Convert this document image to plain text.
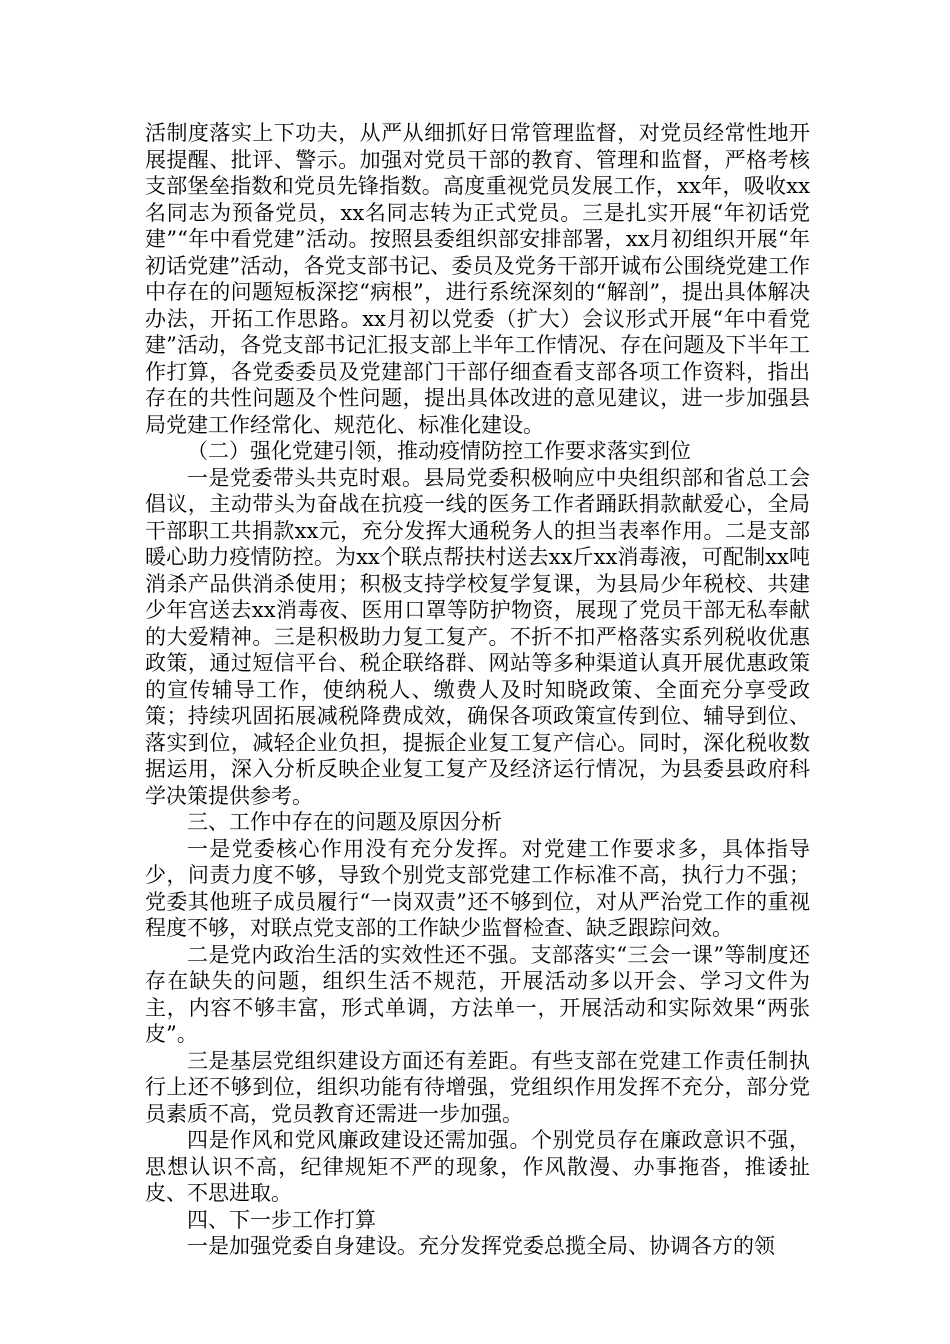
活制度落实上下功夫，从严从细抓好日常管理监督，对党员经常性地开展提醒、批评、警示。加强对党员干部的教育、管理和监督，严格考核支部堡垒指数和党员先锋指数。高度重视党员发展工作，xx年，吸收xx名同志为预备党员，xx名同志转为正式党员。三是扎实开展“年初话党建”“年中看党建”活动。按照县委组织部安排部署，xx月初组织开展“年初话党建”活动，各党支部书记、委员及党务干部开诚布公围绕党建工作中存在的问题短板深挖“病根”，进行系统深刻的“解剖”，提出具体解决办法，开拓工作思路。xx月初以党委（扩大）会议形式开展“年中看党建”活动，各党支部书记汇报支部上半年工作情况、存在问题及下半年工作打算，各党委委员及党建部门干部仔细查看支部各项工作资料，指出存在的共性问题及个性问题，提出具体改进的意见建议，进一步加强县局党建工作经常化、规范化、标准化建设。

（二）强化党建引领，推动疫情防控工作要求落实到位

一是党委带头共克时艰。县局党委积极响应中央组织部和省总工会倡议，主动带头为奋战在抗疫一线的医务工作者踊跃捐款献爱心，全局干部职工共捐款xx元，充分发挥大通税务人的担当表率作用。二是支部暖心助力疫情防控。为xx个联点帮扶村送去xx斤xx消毒液，可配制xx吨消杀产品供消杀使用；积极支持学校复学复课，为县局少年税校、共建少年宫送去xx消毒夜、医用口罩等防护物资，展现了党员干部无私奉献的大爱精神。三是积极助力复工复产。不折不扣严格落实系列税收优惠政策，通过短信平台、税企联络群、网站等多种渠道认真开展优惠政策的宣传辅导工作，使纳税人、缴费人及时知晓政策、全面充分享受政策；持续巩固拓展减税降费成效，确保各项政策宣传到位、辅导到位、落实到位，减轻企业负担，提振企业复工复产信心。同时，深化税收数据运用，深入分析反映企业复工复产及经济运行情况，为县委县政府科学决策提供参考。

三、工作中存在的问题及原因分析

一是党委核心作用没有充分发挥。对党建工作要求多，具体指导少，问责力度不够，导致个别党支部党建工作标准不高，执行力不强；党委其他班子成员履行“一岗双责”还不够到位，对从严治党工作的重视程度不够，对联点党支部的工作缺少监督检查、缺乏跟踪问效。

二是党内政治生活的实效性还不强。支部落实“三会一课”等制度还存在缺失的问题，组织生活不规范，开展活动多以开会、学习文件为主，内容不够丰富，形式单调，方法单一，开展活动和实际效果“两张皮”。

三是基层党组织建设方面还有差距。有些支部在党建工作责任制执行上还不够到位，组织功能有待增强，党组织作用发挥不充分，部分党员素质不高，党员教育还需进一步加强。

四是作风和党风廉政建设还需加强。个别党员存在廉政意识不强，思想认识不高，纪律规矩不严的现象，作风散漫、办事拖沓，推诿扯皮、不思进取。

四、下一步工作打算

一是加强党委自身建设。充分发挥党委总揽全局、协调各方的领
